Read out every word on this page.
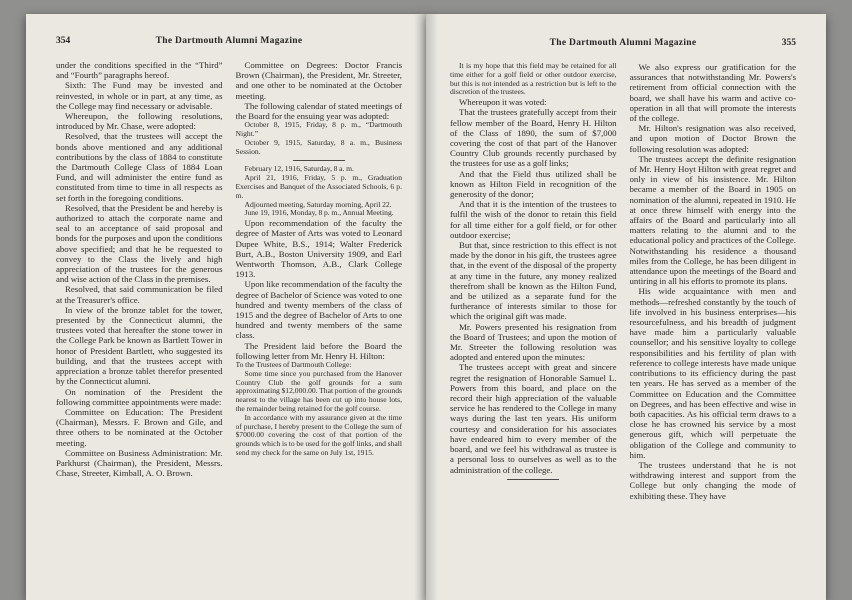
354	The Dartmouth Alumni Magazine

under the conditions specified in the “Third” and “Fourth” paragraphs hereof.

Sixth: The Fund may be invested and reinvested, in whole or in part, at any time, as the College may find necessary or advisable.

Whereupon, the following resolutions, introduced by Mr. Chase, were adopted:

Resolved, that the trustees will accept the bonds above mentioned and any additional contributions by the class of 1884 to constitute the Dartmouth College Class of 1884 Loan Fund, and will administer the entire fund as constituted from time to time in all respects as set forth in the foregoing conditions.

Resolved, that the President be and hereby is authorized to attach the corporate name and seal to an acceptance of said proposal and bonds for the purposes and upon the conditions above specified; and that he be requested to convey to the Class the lively and high appreciation of the trustees for the generous and wise action of the Class in the premises.

Resolved, that said communication be filed at the Treasurer's office.

In view of the bronze tablet for the tower, presented by the Connecticut alumni, the trustees voted that hereafter the stone tower in the College Park be known as Bartlett Tower in honor of President Bartlett, who suggested its building, and that the trustees accept with appreciation a bronze tablet therefor presented by the Connecticut alumni.

On nomination of the President the following committee appointments were made:

Committee on Education: The President (Chairman), Messrs. F. Brown and Gile, and three others to be nominated at the October meeting.

Committee on Business Administration: Mr. Parkhurst (Chairman), the President, Messrs. Chase, Streeter, Kimball, A. O. Brown.

Committee on Degrees: Doctor Francis Brown (Chairman), the President, Mr. Streeter, and one other to be nominated at the October meeting.

The following calendar of stated meetings of the Board for the ensuing year was adopted:

October 8, 1915, Friday, 8 p. m., “Dartmouth Night.”

October 9, 1915, Saturday, 8 a. m., Business Session.

February 12, 1916, Saturday, 8 a. m.

April 21, 1916, Friday, 5 p. m., Graduation Exercises and Banquet of the Associated Schools, 6 p. m.

Adjourned meeting, Saturday morning, April 22.

June 19, 1916, Monday, 8 p. m., Annual Meeting.

Upon recommendation of the faculty the degree of Master of Arts was voted to Leonard Dupee White, B.S., 1914; Walter Frederick Burt, A.B., Boston University 1909, and Earl Wentworth Thomson, A.B., Clark College 1913.

Upon like recommendation of the faculty the degree of Bachelor of Science was voted to one hundred and twenty members of the class of 1915 and the degree of Bachelor of Arts to one hundred and twenty members of the same class.

The President laid before the Board the following letter from Mr. Henry H. Hilton:

To the Trustees of Dartmouth College:

Some time since you purchased from the Hanover Country Club the golf grounds for a sum approximating $12,000.00. That portion of the grounds nearest to the village has been cut up into house lots, the remainder being retained for the golf course.

In accordance with my assurance given at the time of purchase, I hereby present to the College the sum of $7000.00 covering the cost of that portion of the grounds which is to be used for the golf links, and shall send my check for the same on July 1st, 1915.

The Dartmouth Alumni Magazine	355

It is my hope that this field may be retained for all time either for a golf field or other outdoor exercise, but this is not intended as a restriction but is left to the discretion of the trustees.

Whereupon it was voted:

That the trustees gratefully accept from their fellow member of the Board, Henry H. Hilton of the Class of 1890, the sum of $7,000 covering the cost of that part of the Hanover Country Club grounds recently purchased by the trustees for use as a golf links;

And that the Field thus utilized shall be known as Hilton Field in recognition of the generosity of the donor;

And that it is the intention of the trustees to fulfil the wish of the donor to retain this field for all time either for a golf field, or for other outdoor exercise;

But that, since restriction to this effect is not made by the donor in his gift, the trustees agree that, in the event of the disposal of the property at any time in the future, any money realized therefrom shall be known as the Hilton Fund, and be utilized as a separate fund for the furtherance of interests similar to those for which the original gift was made.

Mr. Powers presented his resignation from the Board of Trustees; and upon the motion of Mr. Streeter the following resolution was adopted and entered upon the minutes:

The trustees accept with great and sincere regret the resignation of Honorable Samuel L. Powers from this board, and place on the record their high appreciation of the valuable service he has rendered to the College in many ways during the last ten years. His uniform courtesy and consideration for his associates have endeared him to every member of the board, and we feel his withdrawal as trustee is a personal loss to ourselves as well as to the administration of the college.

We also express our gratification for the assurances that notwithstanding Mr. Powers's retirement from official connection with the board, we shall have his warm and active co-operation in all that will promote the interests of the college.

Mr. Hilton's resignation was also received, and upon motion of Doctor Brown the following resolution was adopted:

The trustees accept the definite resignation of Mr. Henry Hoyt Hilton with great regret and only in view of his insistence. Mr. Hilton became a member of the Board in 1905 on nomination of the alumni, repeated in 1910. He at once threw himself with energy into the affairs of the Board and particularly into all matters relating to the alumni and to the educational policy and practices of the College. Notwithstanding his residence a thousand miles from the College, he has been diligent in attendance upon the meetings of the Board and untiring in all his efforts to promote its plans.

His wide acquaintance with men and methods—refreshed constantly by the touch of life involved in his business enterprises—his resourcefulness, and his breadth of judgment have made him a particularly valuable counsellor; and his sensitive loyalty to college responsibilities and his fertility of plan with reference to college interests have made unique contributions to its efficiency during the past ten years. He has served as a member of the Committee on Education and the Committee on Degrees, and has been effective and wise in both capacities. As his official term draws to a close he has crowned his service by a most generous gift, which will perpetuate the obligation of the College and community to him.

The trustees understand that he is not withdrawing interest and support from the College but only changing the mode of exhibiting these. They have
